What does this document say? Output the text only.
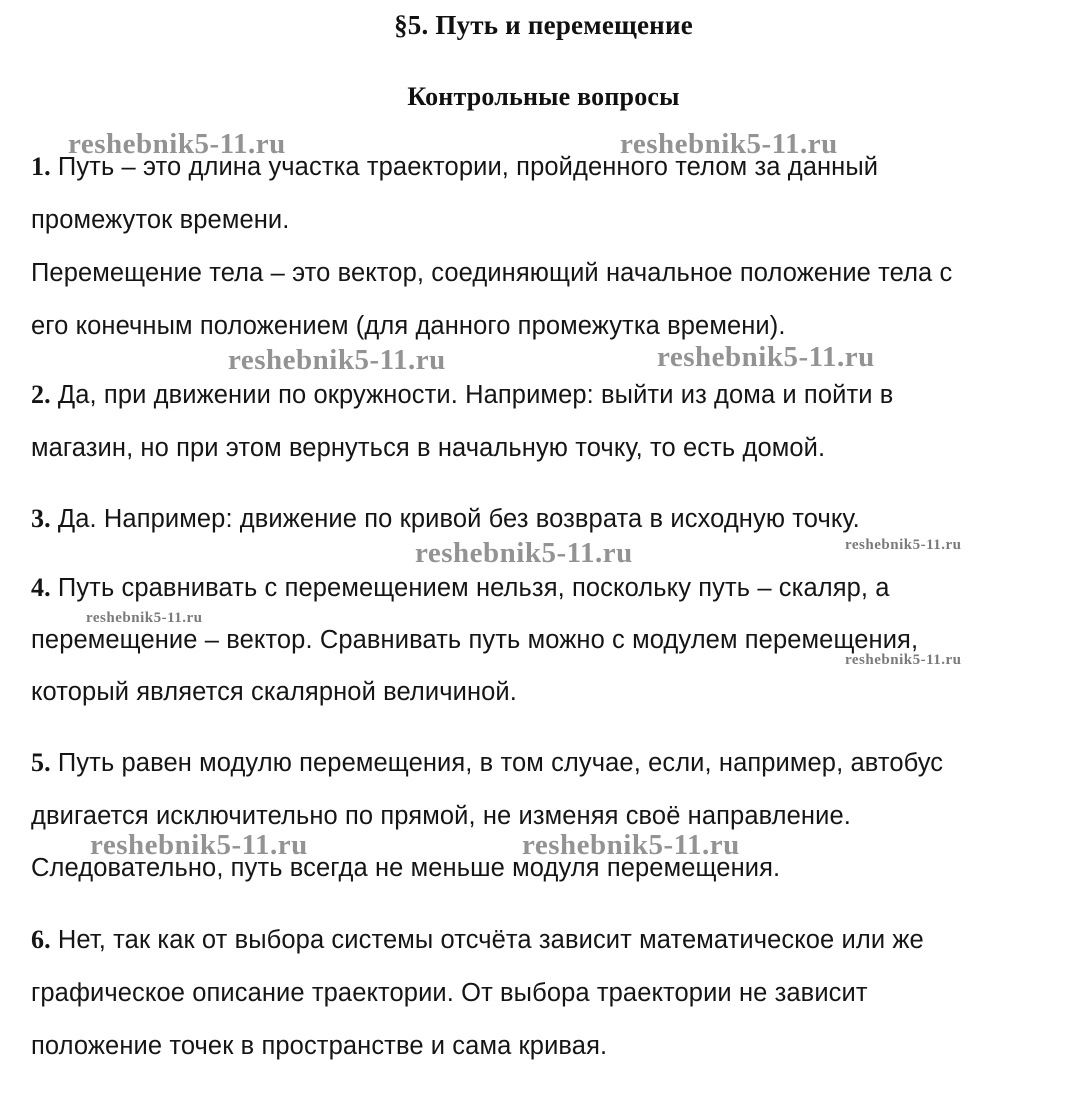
§5. Путь и перемещение
Контрольные вопросы
1. Путь – это длина участка траектории, пройденного телом за данный
промежуток времени.
Перемещение тела – это вектор, соединяющий начальное положение тела с
его конечным положением (для данного промежутка времени).
2. Да, при движении по окружности. Например: выйти из дома и пойти в
магазин, но при этом вернуться в начальную точку, то есть домой.
3. Да. Например: движение по кривой без возврата в исходную точку.
4. Путь сравнивать с перемещением нельзя, поскольку путь – скаляр, а
перемещение – вектор. Сравнивать путь можно с модулем перемещения,
который является скалярной величиной.
5. Путь равен модулю перемещения, в том случае, если, например, автобус
двигается исключительно по прямой, не изменяя своё направление.
Следовательно, путь всегда не меньше модуля перемещения.
6. Нет, так как от выбора системы отсчёта зависит математическое или же
графическое описание траектории. От выбора траектории не зависит
положение точек в пространстве и сама кривая.
reshebnik5-11.ru	reshebnik5-11.ru
reshebnik5-11.ru	reshebnik5-11.ru
reshebnik5-11.ru	reshebnik5-11.ru
reshebnik5-11.ru
reshebnik5-11.ru
reshebnik5-11.ru	reshebnik5-11.ru
